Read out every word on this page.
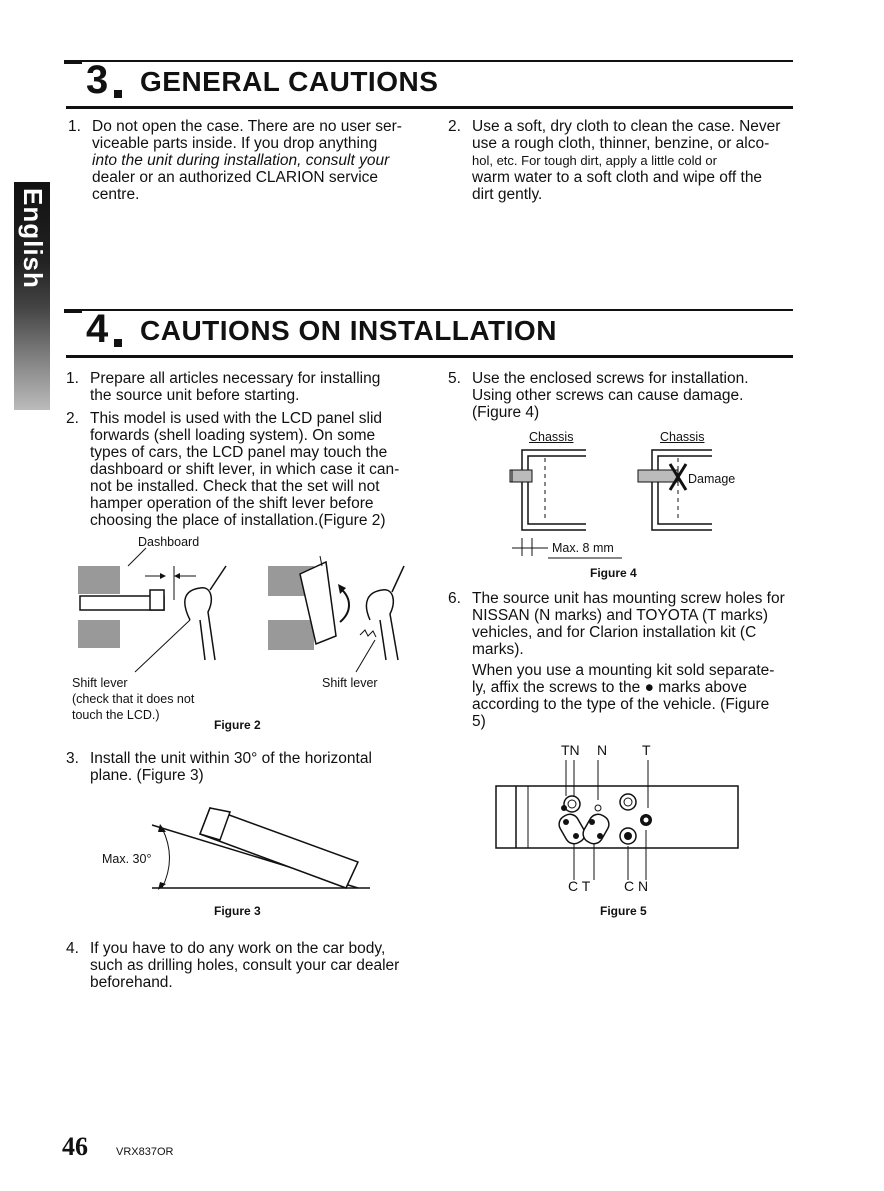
English
3 GENERAL CAUTIONS
1. Do not open the case. There are no user ser-
viceable parts inside. If you drop anything
into the unit during installation, consult your
dealer or an authorized CLARION service
centre.
2. Use a soft, dry cloth to clean the case. Never
use a rough cloth, thinner, benzine, or alco-
hol, etc. For tough dirt, apply a little cold or
warm water to a soft cloth and wipe off the
dirt gently.
4 CAUTIONS ON INSTALLATION
1. Prepare all articles necessary for installing
the source unit before starting.
2. This model is used with the LCD panel slid
forwards (shell loading system). On some
types of cars, the LCD panel may touch the
dashboard or shift lever, in which case it can-
not be installed. Check that the set will not
hamper operation of the shift lever before
choosing the place of installation.(Figure 2)
Dashboard
Shift lever
(check that it does not
touch the LCD.)
Shift lever
Figure 2
3. Install the unit within 30° of the horizontal
plane. (Figure 3)
Max. 30°
Figure 3
4. If you have to do any work on the car body,
such as drilling holes, consult your car dealer
beforehand.
5. Use the enclosed screws for installation.
Using other screws can cause damage.
(Figure 4)
Chassis	Chassis
Damage
Max. 8 mm
Figure 4
6. The source unit has mounting screw holes for
NISSAN (N marks) and TOYOTA (T marks)
vehicles, and for Clarion installation kit (C
marks).
When you use a mounting kit sold separate-
ly, affix the screws to the ● marks above
according to the type of the vehicle. (Figure
5)
TN N T
C T C N
Figure 5
46	VRX837OR
